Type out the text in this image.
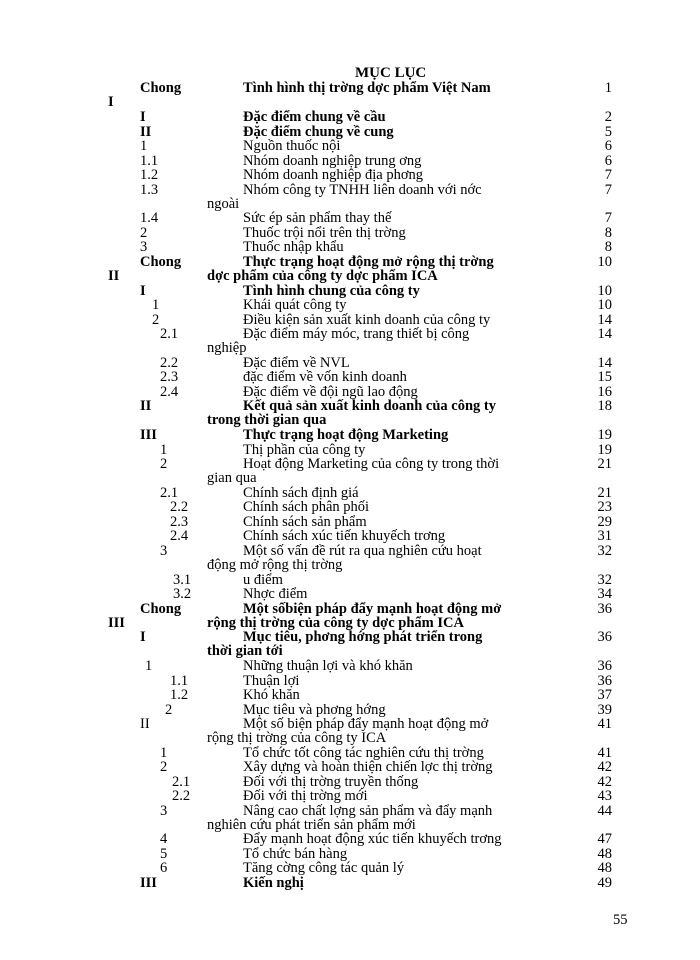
MỤC LỤC
Chong	Tình hình thị trờng dợc phẩm Việt Nam	1
I
I	Đặc điểm chung về cầu	2
II	Đặc điểm chung về cung	5
1	Nguồn thuốc nội	6
1.1	Nhóm doanh nghiệp trung ơng	6
1.2	Nhóm doanh nghiệp địa phơng	7
1.3	Nhóm công ty TNHH liên doanh với nớc	7
ngoài
1.4	Sức ép sản phẩm thay thế	7
2	Thuốc trội nổi trên thị trờng	8
3	Thuốc nhập khẩu	8
Chong	Thực trạng hoạt động mở rộng thị trờng	10
II	dợc phẩm của công ty dợc phẩm ICA
I	Tình hình chung của công ty	10
1	Khái quát công ty	10
2	Điều kiện sản xuất kinh doanh của công ty	14
2.1	Đặc điểm máy móc, trang thiết bị công	14
nghiệp
2.2	Đặc điểm về NVL	14
2.3	đặc điểm về vốn kinh doanh	15
2.4	Đặc điểm về đội ngũ lao động	16
II	Kết quả sản xuất kinh doanh của công ty	18
trong thời gian qua
III	Thực trạng hoạt động Marketing	19
1	Thị phần của công ty	19
2	Hoạt động Marketing của công ty trong thời	21
gian qua
2.1	Chính sách định giá	21
2.2	Chính sách phân phối	23
2.3	Chính sách sản phẩm	29
2.4	Chính sách xúc tiến khuyếch trơng	31
3	Một số vấn đề rút ra qua nghiên cứu hoạt	32
động mở rộng thị trờng
3.1	u điểm	32
3.2	Nhợc điểm	34
Chong	Một sốbiện pháp đẩy mạnh hoạt động mở	36
III	rộng thị trờng của công ty dợc phẩm ICA
I	Mục tiêu, phơng hớng phát triển trong	36
thời gian tới
1	Những thuận lợi và khó khăn	36
1.1	Thuận lợi	36
1.2	Khó khăn	37
2	Mục tiêu và phơng hớng	39
II	Một số biện pháp đẩy mạnh hoạt động mở	41
rộng thị trờng của công ty ICA
1	Tổ chức tốt công tác nghiên cứu thị trờng	41
2	Xây dựng và hoàn thiện chiến lợc thị trờng	42
2.1	Đối với thị trờng truyền thống	42
2.2	Đối với thị trờng mới	43
3	Nâng cao chất lợng sản phẩm và đẩy mạnh	44
nghiên cứu phát triển sản phẩm mới
4	Đẩy mạnh hoạt động xúc tiến khuyếch trơng	47
5	Tổ chức bán hàng	48
6	Tăng cờng công tác quản lý	48
III	Kiến nghị	49
55
